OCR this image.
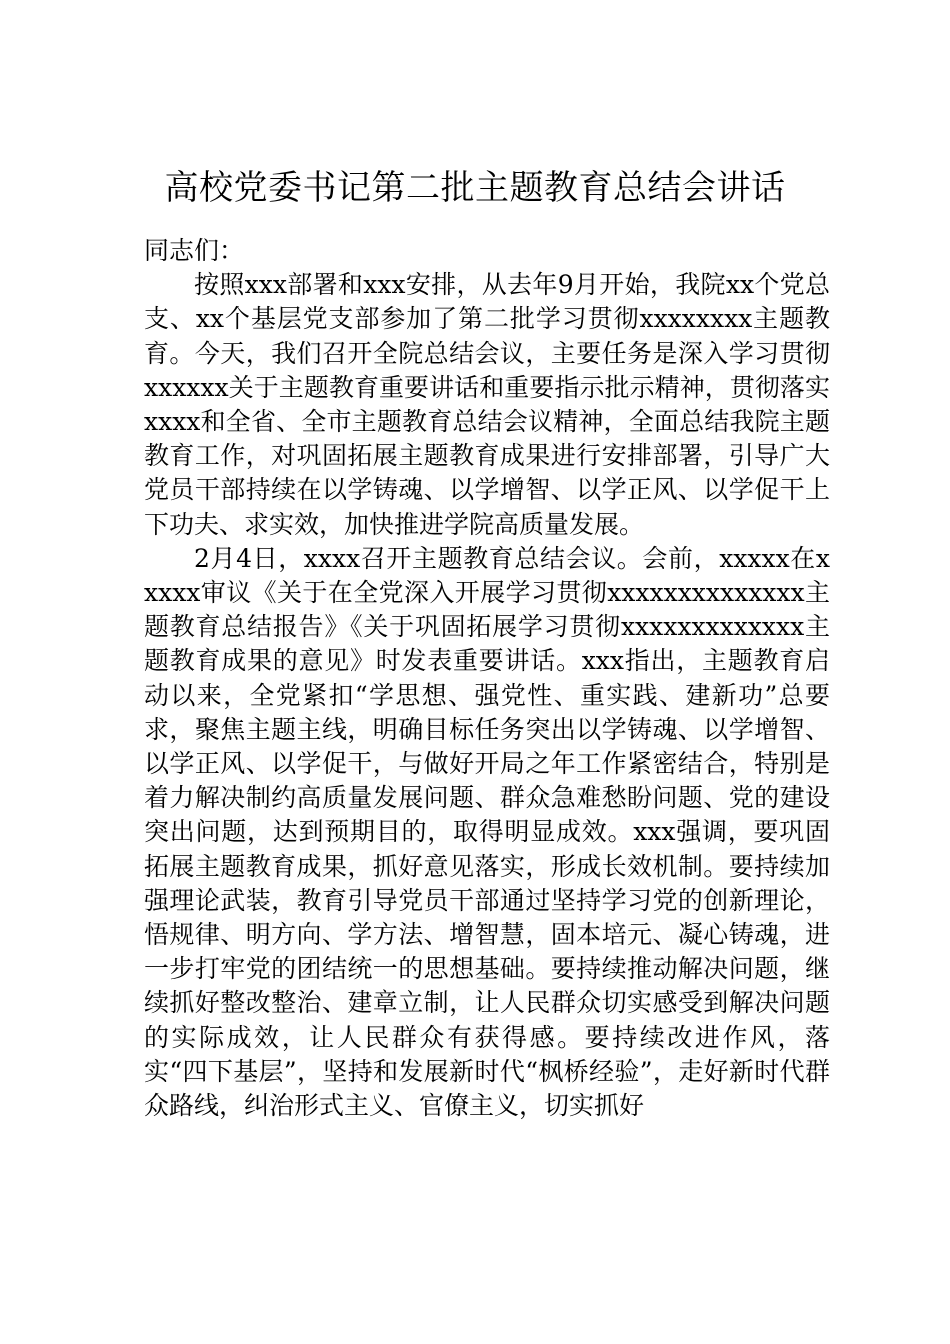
高校党委书记第二批主题教育总结会讲话

同志们：

按照xxx部署和xxx安排，从去年9月开始，我院xx个党总支、xx个基层党支部参加了第二批学习贯彻xxxxxxxx主题教育。今天，我们召开全院总结会议，主要任务是深入学习贯彻xxxxxx关于主题教育重要讲话和重要指示批示精神，贯彻落实xxxx和全省、全市主题教育总结会议精神，全面总结我院主题教育工作，对巩固拓展主题教育成果进行安排部署，引导广大党员干部持续在以学铸魂、以学增智、以学正风、以学促干上下功夫、求实效，加快推进学院高质量发展。

2月4日，xxxx召开主题教育总结会议。会前，xxxxx在xxxxx审议《关于在全党深入开展学习贯彻xxxxxxxxxxxxxx主题教育总结报告》《关于巩固拓展学习贯彻xxxxxxxxxxxxx主题教育成果的意见》时发表重要讲话。xxx指出，主题教育启动以来，全党紧扣“学思想、强党性、重实践、建新功”总要求，聚焦主题主线，明确目标任务突出以学铸魂、以学增智、以学正风、以学促干，与做好开局之年工作紧密结合，特别是着力解决制约高质量发展问题、群众急难愁盼问题、党的建设突出问题，达到预期目的，取得明显成效。xxx强调，要巩固拓展主题教育成果，抓好意见落实，形成长效机制。要持续加强理论武装，教育引导党员干部通过坚持学习党的创新理论，悟规律、明方向、学方法、增智慧，固本培元、凝心铸魂，进一步打牢党的团结统一的思想基础。要持续推动解决问题，继续抓好整改整治、建章立制，让人民群众切实感受到解决问题的实际成效，让人民群众有获得感。要持续改进作风，落实“四下基层”，坚持和发展新时代“枫桥经验”，走好新时代群众路线，纠治形式主义、官僚主义，切实抓好
